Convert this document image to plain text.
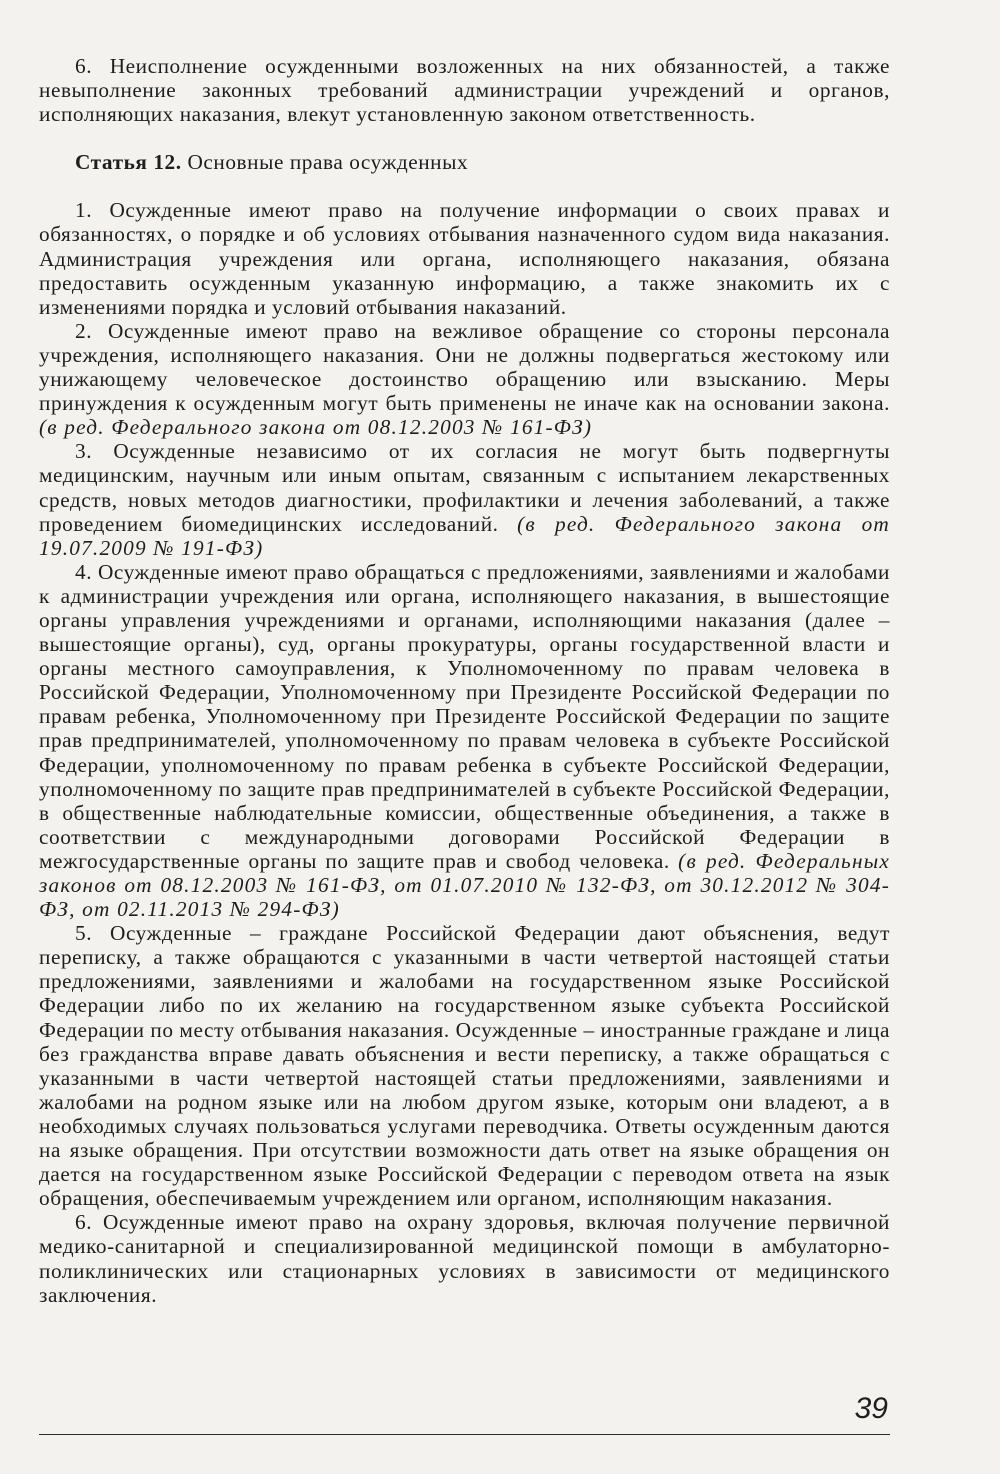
6. Неисполнение осужденными возложенных на них обязанностей, а также невыполнение законных требований администрации учреждений и органов, исполняющих наказания, влекут установленную законом ответственность.

Статья 12. Основные права осужденных

1. Осужденные имеют право на получение информации о своих правах и обязанностях, о порядке и об условиях отбывания назначенного судом вида наказания. Администрация учреждения или органа, исполняющего наказания, обязана предоставить осужденным указанную информацию, а также знакомить их с изменениями порядка и условий отбывания наказаний.

2. Осужденные имеют право на вежливое обращение со стороны персонала учреждения, исполняющего наказания. Они не должны подвергаться жестокому или унижающему человеческое достоинство обращению или взысканию. Меры принуждения к осужденным могут быть применены не иначе как на основании закона. (в ред. Федерального закона от 08.12.2003 № 161-ФЗ)

3. Осужденные независимо от их согласия не могут быть подвергнуты медицинским, научным или иным опытам, связанным с испытанием лекарственных средств, новых методов диагностики, профилактики и лечения заболеваний, а также проведением биомедицинских исследований. (в ред. Федерального закона от 19.07.2009 № 191-ФЗ)

4. Осужденные имеют право обращаться с предложениями, заявлениями и жалобами к администрации учреждения или органа, исполняющего наказания, в вышестоящие органы управления учреждениями и органами, исполняющими наказания (далее – вышестоящие органы), суд, органы прокуратуры, органы государственной власти и органы местного самоуправления, к Уполномоченному по правам человека в Российской Федерации, Уполномоченному при Президенте Российской Федерации по правам ребенка, Уполномоченному при Президенте Российской Федерации по защите прав предпринимателей, уполномоченному по правам человека в субъекте Российской Федерации, уполномоченному по правам ребенка в субъекте Российской Федерации, уполномоченному по защите прав предпринимателей в субъекте Российской Федерации, в общественные наблюдательные комиссии, общественные объединения, а также в соответствии с международными договорами Российской Федерации в межгосударственные органы по защите прав и свобод человека. (в ред. Федеральных законов от 08.12.2003 № 161-ФЗ, от 01.07.2010 № 132-ФЗ, от 30.12.2012 № 304-ФЗ, от 02.11.2013 № 294-ФЗ)

5. Осужденные – граждане Российской Федерации дают объяснения, ведут переписку, а также обращаются с указанными в части четвертой настоящей статьи предложениями, заявлениями и жалобами на государственном языке Российской Федерации либо по их желанию на государственном языке субъекта Российской Федерации по месту отбывания наказания. Осужденные – иностранные граждане и лица без гражданства вправе давать объяснения и вести переписку, а также обращаться с указанными в части четвертой настоящей статьи предложениями, заявлениями и жалобами на родном языке или на любом другом языке, которым они владеют, а в необходимых случаях пользоваться услугами переводчика. Ответы осужденным даются на языке обращения. При отсутствии возможности дать ответ на языке обращения он дается на государственном языке Российской Федерации с переводом ответа на язык обращения, обеспечиваемым учреждением или органом, исполняющим наказания.

6. Осужденные имеют право на охрану здоровья, включая получение первичной медико-санитарной и специализированной медицинской помощи в амбулаторно-поликлинических или стационарных условиях в зависимости от медицинского заключения.

39
